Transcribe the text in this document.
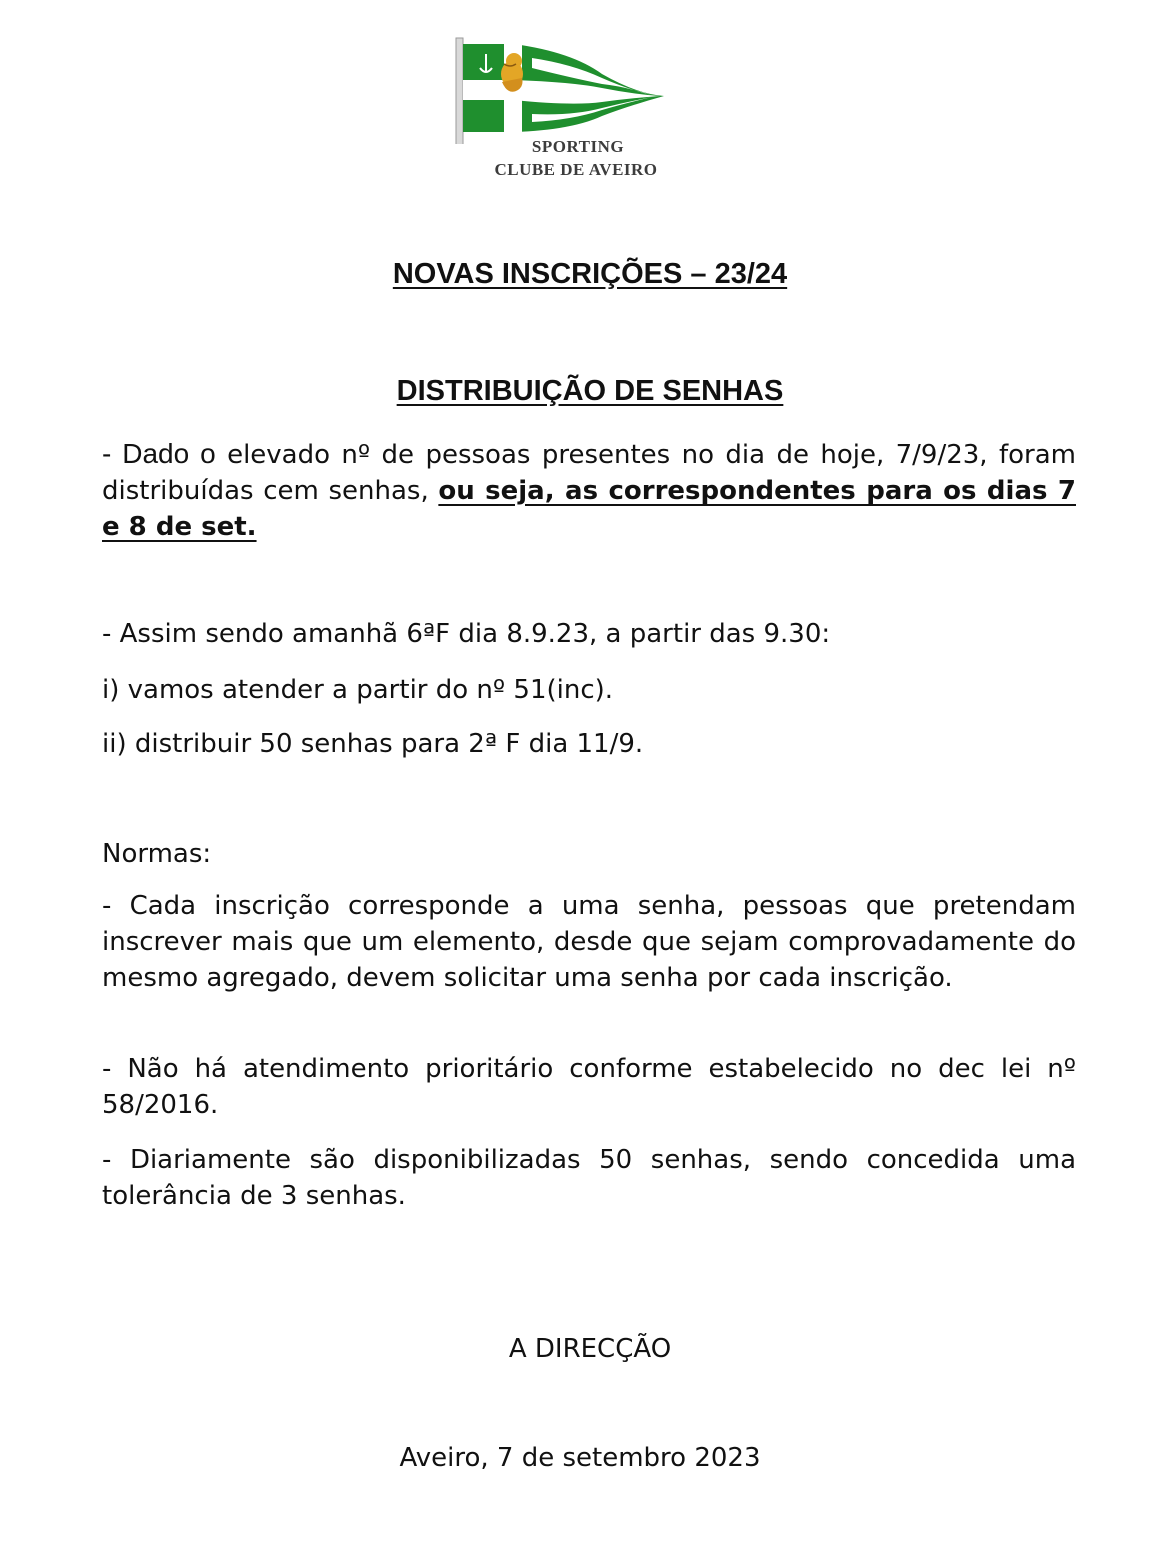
SPORTING
CLUBE DE AVEIRO
NOVAS INSCRIÇÕES – 23/24
DISTRIBUIÇÃO DE SENHAS
- Dado o elevado nº de pessoas presentes no dia de hoje, 7/9/23, foram distribuídas cem senhas, ou seja, as correspondentes para os dias 7 e 8 de set.
- Assim sendo amanhã 6ªF dia 8.9.23, a partir das 9.30:
i) vamos atender a partir do nº 51(inc).
ii) distribuir 50 senhas para 2ª F dia 11/9.
Normas:
- Cada inscrição corresponde a uma senha, pessoas que pretendam inscrever mais que um elemento, desde que sejam comprovadamente do mesmo agregado, devem solicitar uma senha por cada inscrição.
- Não há atendimento prioritário conforme estabelecido no dec lei nº 58/2016.
- Diariamente são disponibilizadas 50 senhas, sendo concedida uma tolerância de 3 senhas.
A DIRECÇÃO
Aveiro, 7 de setembro 2023
